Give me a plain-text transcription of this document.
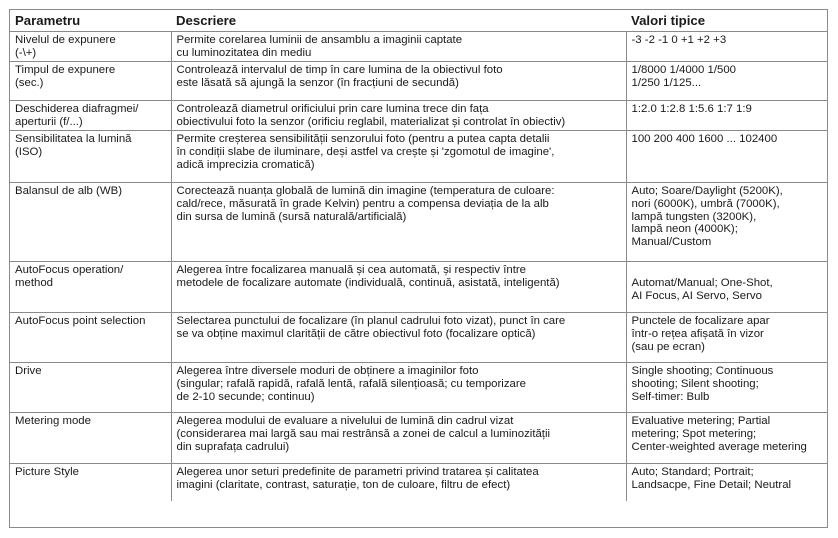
Parametru	Descriere	Valori tipice

Nivelul de expunere
(-\+)	Permite corelarea luminii de ansamblu a imaginii captate
cu luminozitatea din mediu	-3 -2 -1 0 +1 +2 +3

Timpul de expunere
(sec.)	Controlează intervalul de timp în care lumina de la obiectivul foto
este lăsată să ajungă la senzor (în fracțiuni de secundă)	1/8000 1/4000 1/500
1/250 1/125...

Deschiderea diafragmei/
aperturii (f/...)	Controlează diametrul orificiului prin care lumina trece din fața
obiectivului foto la senzor (orificiu reglabil, materializat și controlat în obiectiv)	1:2.0 1:2.8 1:5.6 1:7 1:9

Sensibilitatea la lumină
(ISO)	Permite creșterea sensibilității senzorului foto (pentru a putea capta detalii
în condiții slabe de iluminare, deși astfel va crește și 'zgomotul de imagine',
adică imprecizia cromatică)	100 200 400 1600 ... 102400

Balansul de alb (WB)	Corectează nuanța globală de lumină din imagine (temperatura de culoare:
cald/rece, măsurată în grade Kelvin) pentru a compensa deviația de la alb
din sursa de lumină (sursă naturală/artificială)	Auto; Soare/Daylight (5200K),
nori (6000K), umbră (7000K),
lampă tungsten (3200K),
lampă neon (4000K);
Manual/Custom

AutoFocus operation/
method	Alegerea între focalizarea manuală și cea automată, și respectiv între
metodele de focalizare automate (individuală, continuă, asistată, inteligentă)	Automat/Manual; One-Shot,
AI Focus, AI Servo, Servo

AutoFocus point selection	Selectarea punctului de focalizare (în planul cadrului foto vizat), punct în care
se va obține maximul clarității de către obiectivul foto (focalizare optică)	Punctele de focalizare apar
într-o rețea afișată în vizor
(sau pe ecran)

Drive	Alegerea între diversele moduri de obținere a imaginilor foto
(singular; rafală rapidă, rafală lentă, rafală silențioasă; cu temporizare
de 2-10 secunde; continuu)	Single shooting; Continuous
shooting; Silent shooting;
Self-timer: Bulb

Metering mode	Alegerea modului de evaluare a nivelului de lumină din cadrul vizat
(considerarea mai largă sau mai restrânsă a zonei de calcul a luminozității
din suprafața cadrului)	Evaluative metering; Partial
metering; Spot metering;
Center-weighted average metering

Picture Style	Alegerea unor seturi predefinite de parametri privind tratarea și calitatea
imagini (claritate, contrast, saturație, ton de culoare, filtru de efect)	Auto; Standard; Portrait;
Landsacpe, Fine Detail; Neutral
